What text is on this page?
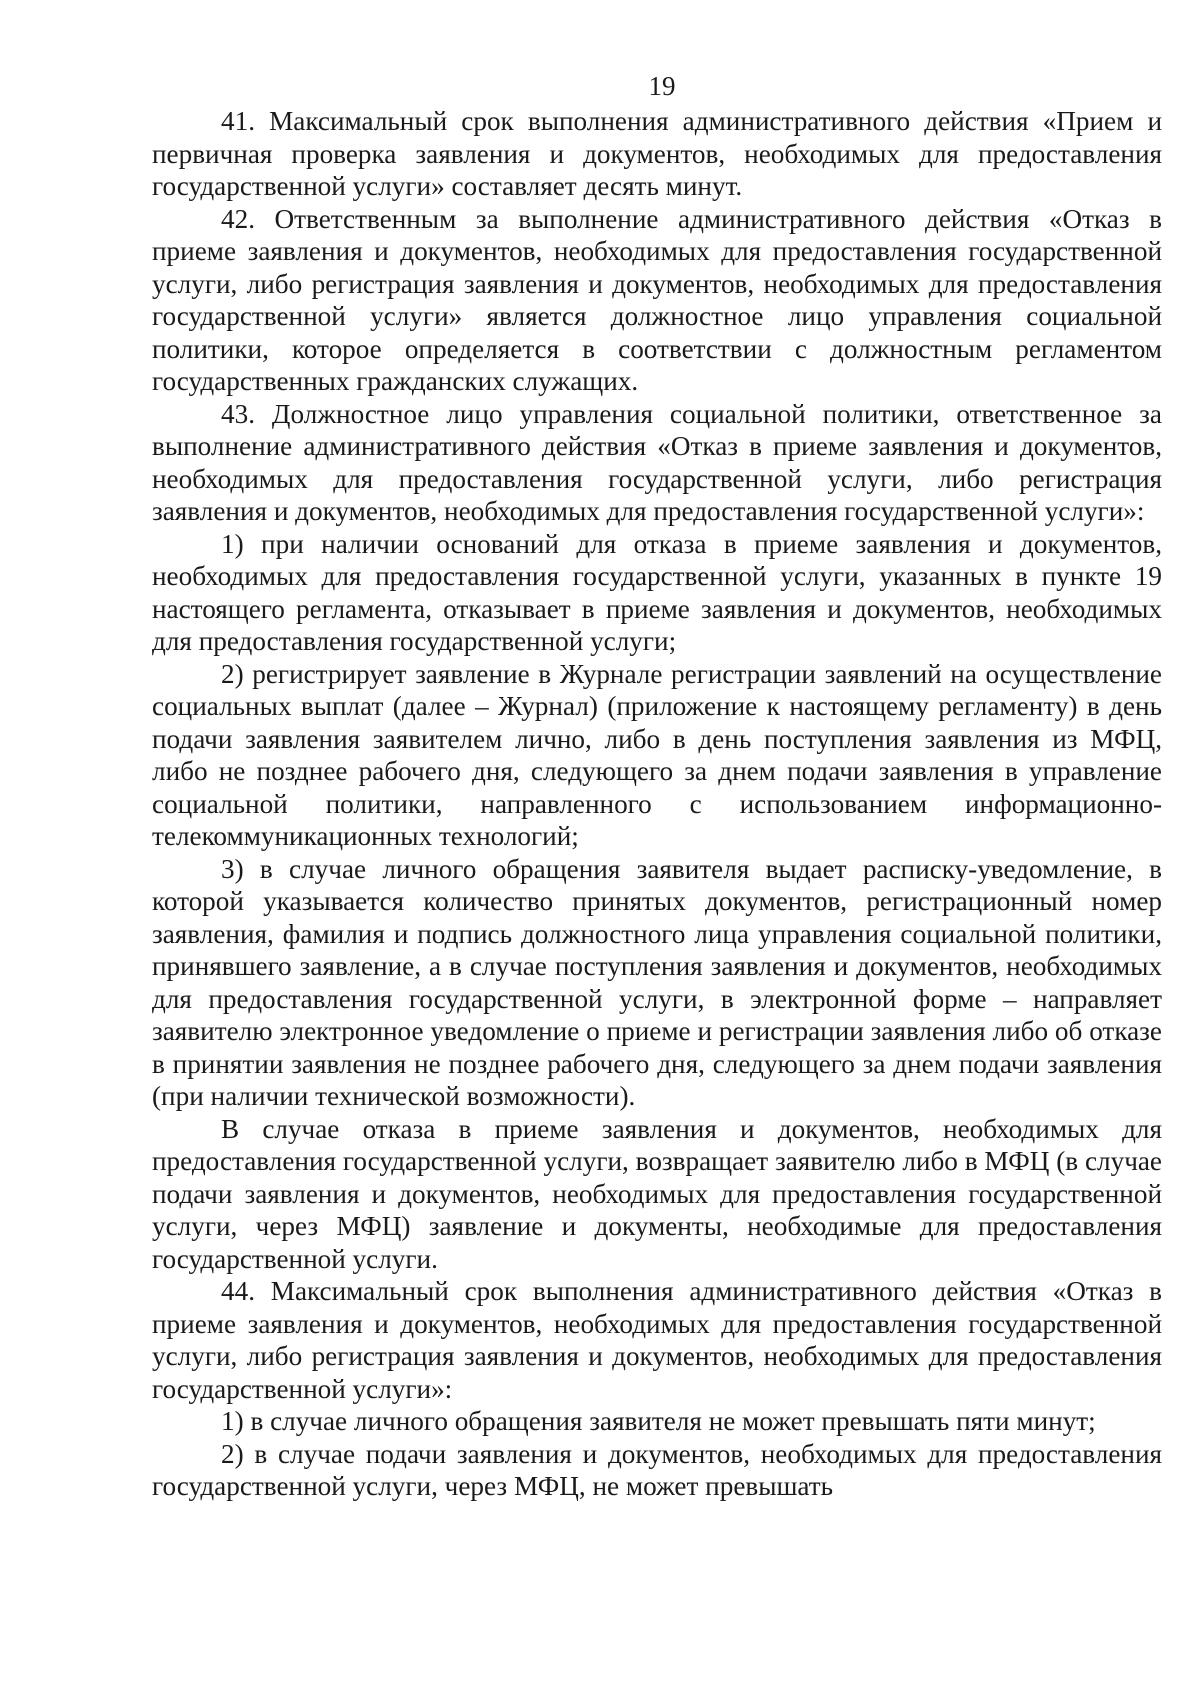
19

41. Максимальный срок выполнения административного действия «Прием и первичная проверка заявления и документов, необходимых для предоставления государственной услуги» составляет десять минут.

42. Ответственным за выполнение административного действия «Отказ в приеме заявления и документов, необходимых для предоставления государственной услуги, либо регистрация заявления и документов, необходимых для предоставления государственной услуги» является должностное лицо управления социальной политики, которое определяется в соответствии с должностным регламентом государственных гражданских служащих.

43. Должностное лицо управления социальной политики, ответственное за выполнение административного действия «Отказ в приеме заявления и документов, необходимых для предоставления государственной услуги, либо регистрация заявления и документов, необходимых для предоставления государственной услуги»:

1) при наличии оснований для отказа в приеме заявления и документов, необходимых для предоставления государственной услуги, указанных в пункте 19 настоящего регламента, отказывает в приеме заявления и документов, необходимых для предоставления государственной услуги;

2) регистрирует заявление в Журнале регистрации заявлений на осуществление социальных выплат (далее – Журнал) (приложение к настоящему регламенту) в день подачи заявления заявителем лично, либо в день поступления заявления из МФЦ, либо не позднее рабочего дня, следующего за днем подачи заявления в управление социальной политики, направленного с использованием информационно-телекоммуникационных технологий;

3) в случае личного обращения заявителя выдает расписку-уведомление, в которой указывается количество принятых документов, регистрационный номер заявления, фамилия и подпись должностного лица управления социальной политики, принявшего заявление, а в случае поступления заявления и документов, необходимых для предоставления государственной услуги, в электронной форме – направляет заявителю электронное уведомление о приеме и регистрации заявления либо об отказе в принятии заявления не позднее рабочего дня, следующего за днем подачи заявления (при наличии технической возможности).

В случае отказа в приеме заявления и документов, необходимых для предоставления государственной услуги, возвращает заявителю либо в МФЦ (в случае подачи заявления и документов, необходимых для предоставления государственной услуги, через МФЦ) заявление и документы, необходимые для предоставления государственной услуги.

44. Максимальный срок выполнения административного действия «Отказ в приеме заявления и документов, необходимых для предоставления государственной услуги, либо регистрация заявления и документов, необходимых для предоставления государственной услуги»:

1) в случае личного обращения заявителя не может превышать пяти минут;

2) в случае подачи заявления и документов, необходимых для предоставления государственной услуги, через МФЦ, не может превышать
